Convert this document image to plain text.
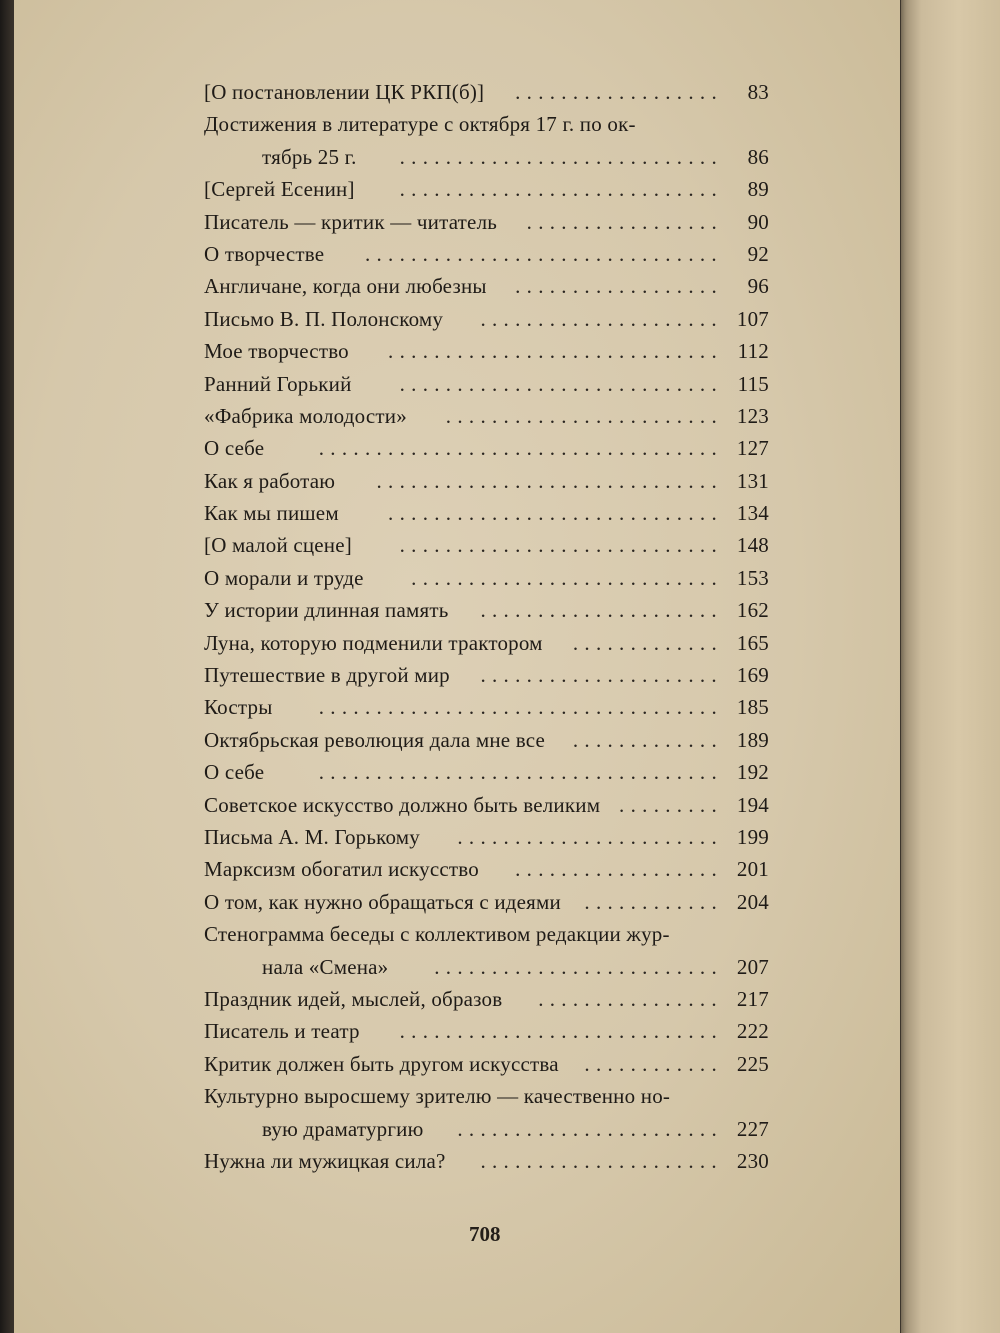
[О постановлении ЦК РКП(б)] ..................	83
Достижения в литературе с октября 17 г. по ок-
тябрь 25 г. ............................	86
[Сергей Есенин] ............................	89
Писатель — критик — читатель .................	90
О творчестве ...............................	92
Англичане, когда они любезны ..................	96
Письмо В. П. Полонскому ..................... 107
Мое творчество ............................. 112
Ранний Горький ............................ 115
«Фабрика молодости» ........................ 123
О себе	................................... 127
Как я работаю .............................. 131
Как мы пишем ............................. 134
[О малой сцене] ............................ 148
О морали и труде ........................... 153
У истории длинная память ..................... 162
Луна, которую подменили трактором ............. 165
Путешествие в другой мир ..................... 169
Костры ................................... 185
Октябрьская революция дала мне все ............. 189
О себе	................................... 192
Советское искусство должно быть великим ......... 194
Письма А. М. Горькому ....................... 199
Марксизм обогатил искусство .................. 201
О том, как нужно обращаться с идеями ............ 204
Стенограмма беседы с коллективом редакции жур-
нала «Смена» ......................... 207
Праздник идей, мыслей, образов ................ 217
Писатель и театр ............................ 222
Критик должен быть другом искусства ............ 225
Культурно выросшему зрителю — качественно но-
вую драматургию ....................... 227
Нужна ли мужицкая сила? ..................... 230
708
